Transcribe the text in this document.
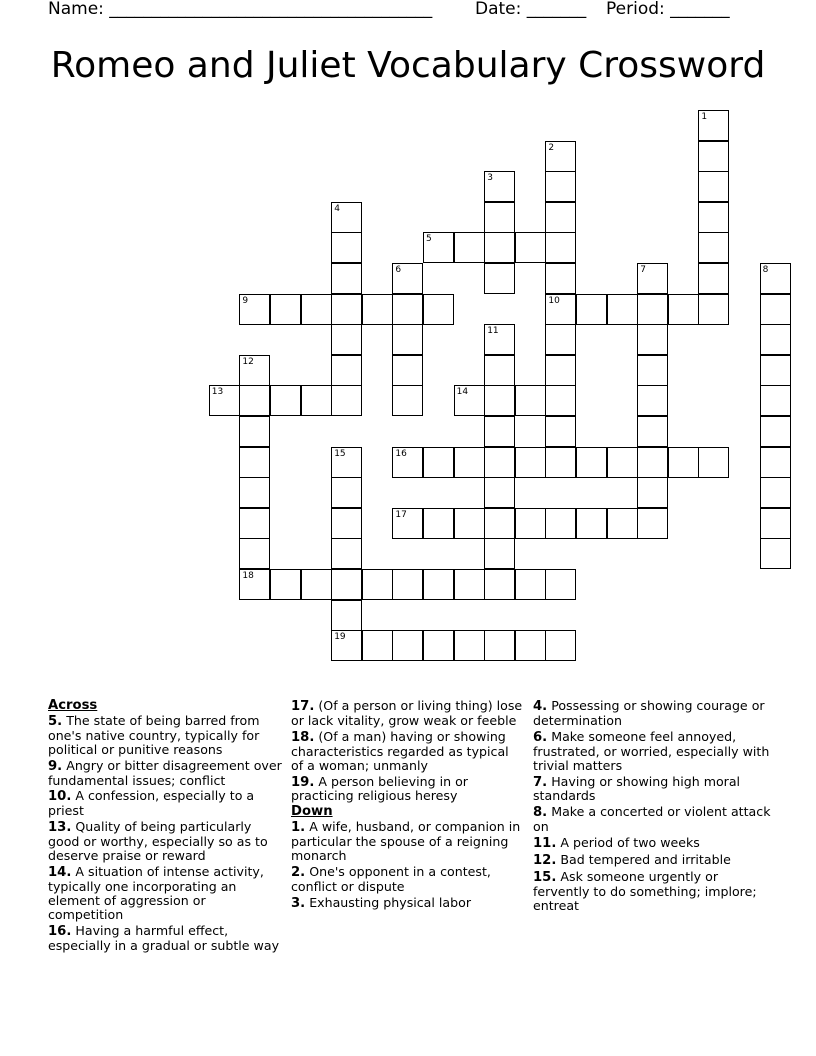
Name: ______________________________________	Date: _______ Period: _______
Romeo and Juliet Vocabulary Crossword
1
2
10
3
4
5
6	7	8
9
11
12
13	14
15
19
16
17
18
Across
5. The state of being barred from one's native country, typically for political or punitive reasons
9. Angry or bitter disagreement over fundamental issues; conflict
10. A confession, especially to a priest
13. Quality of being particularly good or worthy, especially so as to deserve praise or reward
14. A situation of intense activity, typically one incorporating an element of aggression or competition
16. Having a harmful effect, especially in a gradual or subtle way
17. (Of a person or living thing) lose or lack vitality, grow weak or feeble
18. (Of a man) having or showing characteristics regarded as typical of a woman; unmanly
19. A person believing in or practicing religious heresy
Down
1. A wife, husband, or companion in particular the spouse of a reigning monarch
2. One's opponent in a contest, conflict or dispute
3. Exhausting physical labor
4. Possessing or showing courage or determination
6. Make someone feel annoyed, frustrated, or worried, especially with trivial matters
7. Having or showing high moral standards
8. Make a concerted or violent attack on
11. A period of two weeks
12. Bad tempered and irritable
15. Ask someone urgently or fervently to do something; implore; entreat
